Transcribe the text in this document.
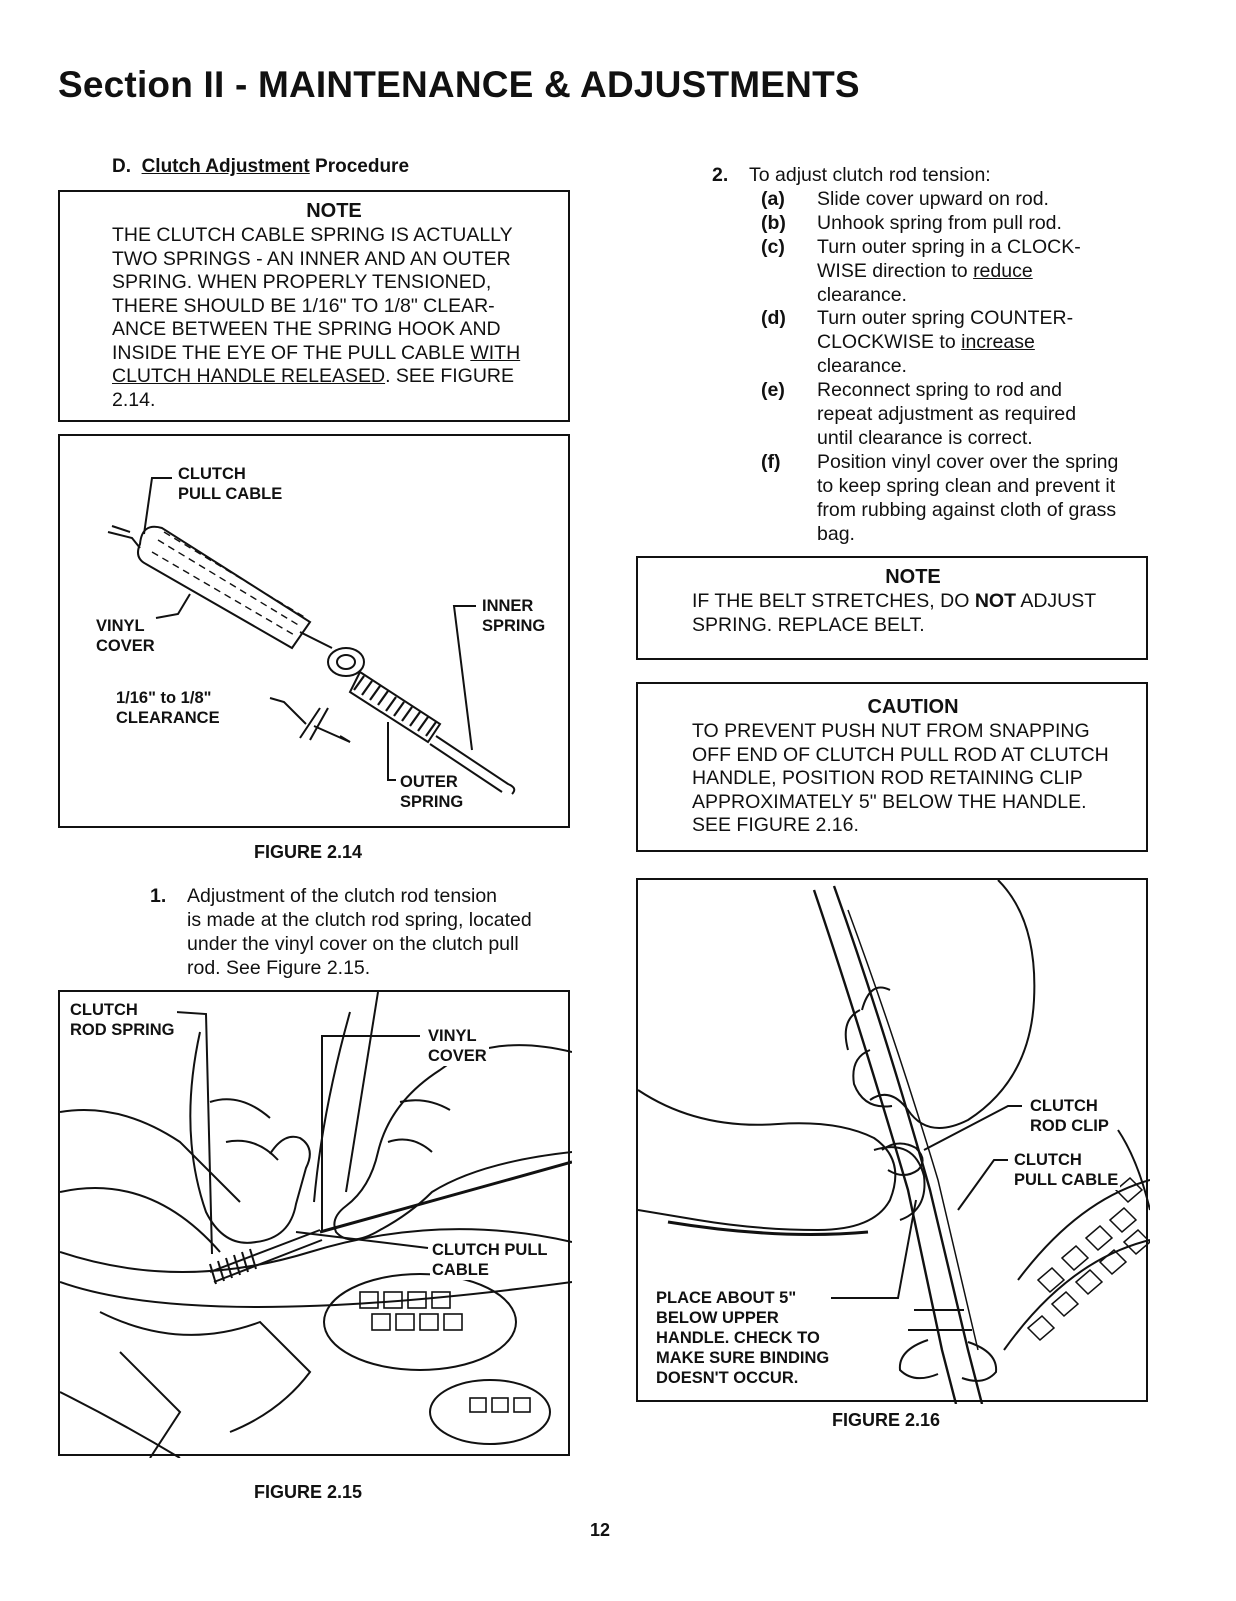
Section II - MAINTENANCE & ADJUSTMENTS
D. Clutch Adjustment Procedure
NOTE
THE CLUTCH CABLE SPRING IS ACTUALLY
TWO SPRINGS - AN INNER AND AN OUTER
SPRING. WHEN PROPERLY TENSIONED,
THERE SHOULD BE 1/16" TO 1/8" CLEAR-
ANCE BETWEEN THE SPRING HOOK AND
INSIDE THE EYE OF THE PULL CABLE WITH
CLUTCH HANDLE RELEASED. SEE FIGURE
2.14.
CLUTCH
PULL CABLE
INNER
SPRING
VINYL
COVER
1/16" to 1/8"
CLEARANCE
OUTER
SPRING
FIGURE 2.14
1. Adjustment of the clutch rod tension
is made at the clutch rod spring, located
under the vinyl cover on the clutch pull
rod. See Figure 2.15.
CLUTCH
ROD SPRING	VINYL
COVER
CLUTCH PULL
CABLE
FIGURE 2.15
2. To adjust clutch rod tension:
(a) Slide cover upward on rod.
(b) Unhook spring from pull rod.
(c) Turn outer spring in a CLOCK-
WISE direction to reduce
clearance.
(d) Turn outer spring COUNTER-
CLOCKWISE to increase
clearance.
(e) Reconnect spring to rod and
repeat adjustment as required
until clearance is correct.
(f) Position vinyl cover over the spring
to keep spring clean and prevent it
from rubbing against cloth of grass
bag.
NOTE
IF THE BELT STRETCHES, DO NOT ADJUST
SPRING. REPLACE BELT.
CAUTION
TO PREVENT PUSH NUT FROM SNAPPING
OFF END OF CLUTCH PULL ROD AT CLUTCH
HANDLE, POSITION ROD RETAINING CLIP
APPROXIMATELY 5" BELOW THE HANDLE.
SEE FIGURE 2.16.
CLUTCH
ROD CLIP
CLUTCH
PULL CABLE
PLACE ABOUT 5"
BELOW UPPER
HANDLE. CHECK TO
MAKE SURE BINDING
DOESN'T OCCUR.
FIGURE 2.16
12
